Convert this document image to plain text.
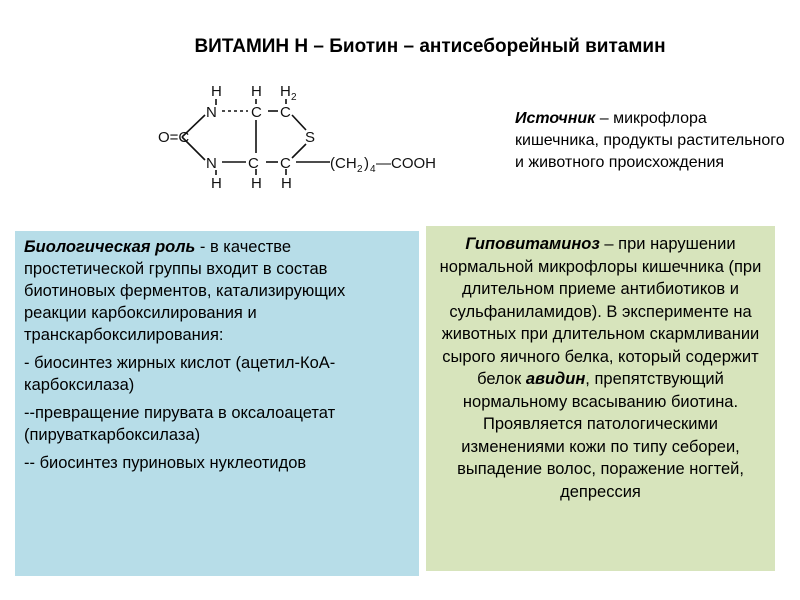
ВИТАМИН Н – Биотин – антисеборейный витамин
O=C
N
H H
C
H 2
C
S
N
H
C
H
C
H
(CH 2 ) 4 —COOH
Источник – микрофлора кишечника, продукты растительного и животного происхождения

Биологическая роль - в качестве простетической группы входит в состав биотиновых ферментов, катализирующих реакции карбоксилирования и транскарбоксилирования:

- биосинтез жирных кислот (ацетил-КоА-карбоксилаза)

--превращение пирувата в оксалоацетат (пируваткарбоксилаза)

-- биосинтез пуриновых нуклеотидов

Гиповитаминоз – при нарушении нормальной микрофлоры кишечника (при длительном приеме антибиотиков и сульфаниламидов). В эксперименте на животных при длительном скармливании сырого яичного белка, который содержит белок авидин, препятствующий нормальному всасыванию биотина. Проявляется патологическими изменениями кожи по типу себореи, выпадение волос, поражение ногтей, депрессия
